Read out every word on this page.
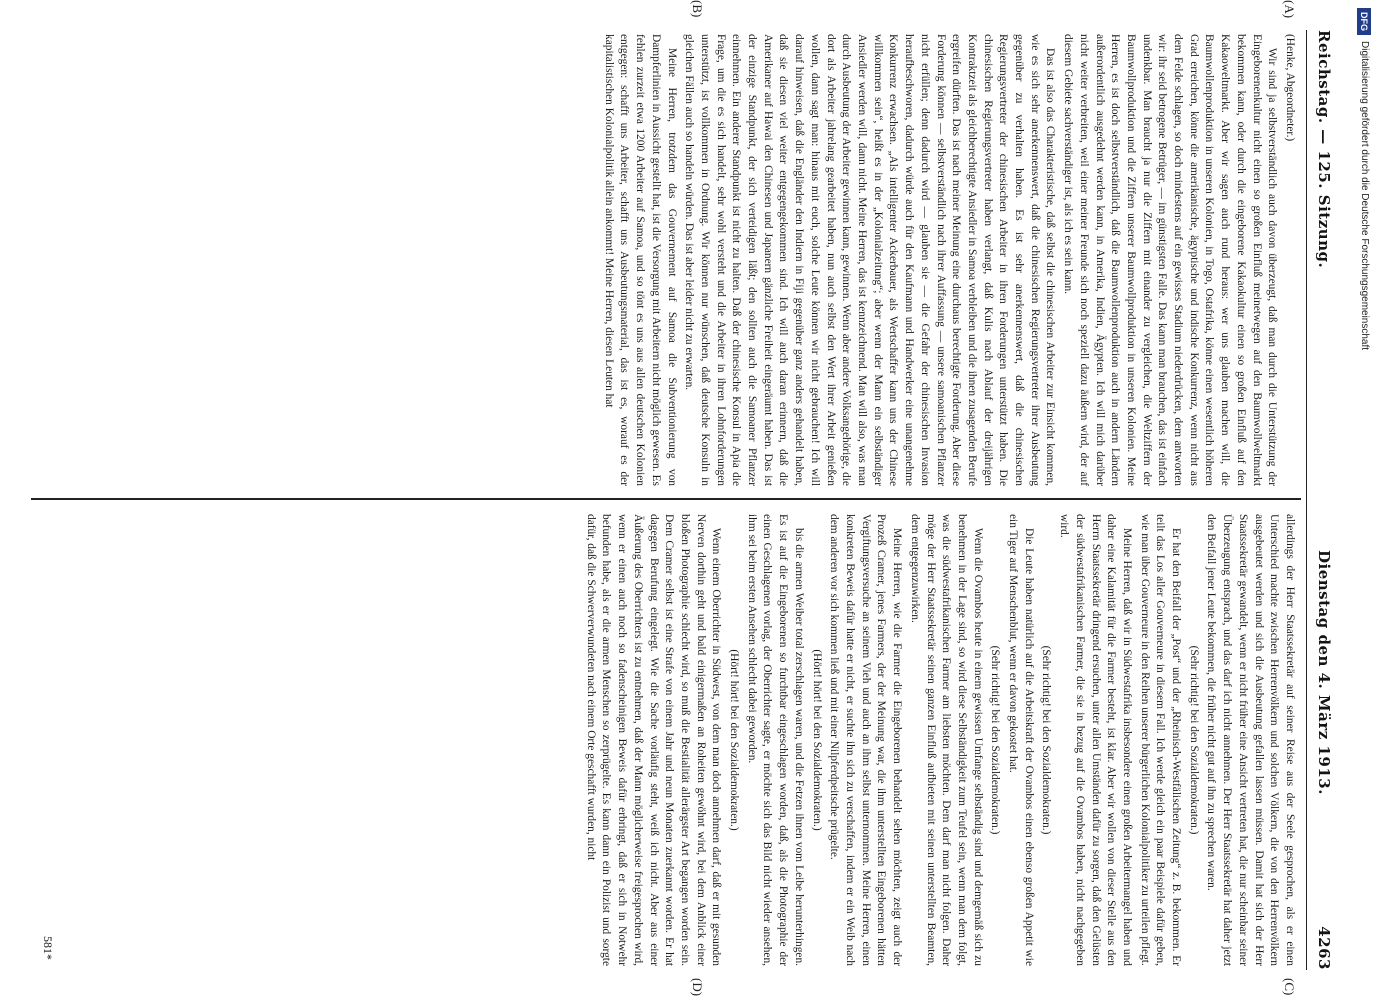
Reichstag. — 125. Sitzung.
Dienstag den 4. März 1913.
4263
(A)
(B)
(C)
(D)

(Henke, Abgeordneter.)

Wir sind ja selbstverständlich auch davon überzeugt, daß man durch die Unterstützung der Eingeborenenkultur nicht einen so großen Einfluß meinetwegen auf den Baumwollweltmarkt bekommen kann, oder durch die eingeborene Kakaokultur einen so großen Einfluß auf den Kakaoweltmarkt. Aber wir sagen auch rund heraus: wer uns glauben machen will, die Baumwollenproduktion in unseren Kolonien, in Togo, Ostafrika, könne einen wesentlich höheren Grad erreichen, könne die amerikanische, ägyptische und indische Konkurrenz, wenn nicht aus dem Felde schlagen, so doch mindestens auf ein gewisses Stadium niederdrücken, dem antworten wir: ihr seid betrogene Betrüger, — im günstigsten Falle. Das kann man brauchen, das ist einfach undenkbar. Man braucht ja nur die Ziffern mit einander zu vergleichen, die Weltziffern der Baumwollproduktion und die Ziffern unserer Baumwollproduktion in unseren Kolonien. Meine Herren, es ist doch selbstverständlich, daß die Baumwollenproduktion auch in andern Ländern außerordentlich ausgedehnt werden kann, in Amerika, Indien, Ägypten. Ich will mich darüber nicht weiter verbreiten, weil einer meiner Freunde sich noch speziell dazu äußern wird, der auf diesem Gebiete sachverständiger ist, als ich es sein kann.

Das ist also das Charakteristische, daß selbst die chinesischen Arbeiter zur Einsicht kommen, wie es sich sehr anerkennenswert, daß die chinesischen Regierungsvertreter ihrer Ausbeutung gegenüber zu verhalten haben. Es ist sehr anerkennenswert, daß die chinesischen Regierungsvertreter der chinesischen Arbeiter in ihren Forderungen unterstützt haben. Die chinesischen Regierungsvertreter haben verlangt, daß Kulis nach Ablauf der dreijährigen Kontraktzeit als gleichberechtigte Ansiedler in Samoa verbleiben und die ihnen zusagenden Berufe ergreifen dürften. Das ist nach meiner Meinung eine durchaus berechtigte Forderung. Aber diese Forderung können — selbstverständlich nach ihrer Auffassung — unsere samoanischen Pflanzer nicht erfüllen; denn dadurch wird — glauben sie — die Gefahr der chinesischen Invasion heraufbeschworen, dadurch würde auch für den Kaufmann und Handwerker eine unangenehme Konkurrenz erwachsen. „Als intelligenter Ackerbauer, als Wertschaffer kann uns der Chinese willkommen sein“, heißt es in der „Kolonialzeitung“; aber wenn der Mann ein selbständiger Ansiedler werden will, dann nicht. Meine Herren, das ist kennzeichnend. Man will also, was man durch Ausbeutung der Arbeiter gewinnen kann, gewinnen. Wenn aber andere Volksangehörige, die dort als Arbeiter jahrelang gearbeitet haben, nun auch selbst den Wert ihrer Arbeit genießen wollen, dann sagt man: hinaus mit euch, solche Leute können wir nicht gebrauchen! Ich will darauf hinweisen, daß die Engländer den Indiern in Fiji gegenüber ganz anders gehandelt haben, daß sie diesen viel weiter entgegengekommen sind. Ich will auch daran erinnern, daß die Amerikaner auf Hawai den Chinesen und Japanern gänzliche Freiheit eingeräumt haben. Das ist der einzige Standpunkt, der sich verteidigen läßt; den sollten auch die Samoaner Pflanzer einnehmen. Ein anderer Standpunkt ist nicht zu halten. Daß der chinesische Konsul in Apia die Frage, um die es sich handelt, sehr wohl versteht und die Arbeiter in ihren Lohnforderungen unterstützt, ist vollkommen in Ordnung. Wir können nur wünschen, daß deutsche Konsuln in gleichen Fällen auch so handeln würden. Das ist aber leider nicht zu erwarten.

Meine Herren, trotzdem das Gouvernement auf Samoa die Subventionierung von Dampferlinien in Aussicht gestellt hat, ist die Versorgung mit Arbeitern nicht möglich gewesen. Es fehlen zurzeit etwa 1200 Arbeiter auf Samoa, und so tönt es uns aus allen deutschen Kolonien entgegen: schafft uns Arbeiter, schafft uns Ausbeutungsmaterial, das ist es, worauf es der kapitalistischen Kolonialpolitik allein ankommt! Meine Herren, diesen Leuten hat

allerdings der Herr Staatssekretär auf seiner Reise aus der Seele gesprochen, als er einen Unterschied machte zwischen Herrenvölkern und solchen Völkern, die von den Herrenvölkern ausgebeutet werden und sich die Ausbeutung gefallen lassen müssen. Damit hat sich der Herr Staatssekretär gewandelt, wenn er nicht früher eine Ansicht vertreten hat, die nur scheinbar seiner Überzeugung entsprach, und das darf ich nicht annehmen. Der Herr Staatssekretär hat daher jetzt den Beifall jener Leute bekommen, die früher nicht gut auf ihn zu sprechen waren.

(Sehr richtig! bei den Sozialdemokraten.)

Er hat den Beifall der „Post“ und der „Rheinisch-Westfälischen Zeitung“ z. B. bekommen. Er teilt das Los aller Gouverneure in diesem Fall. Ich werde gleich ein paar Beispiele dafür geben, wie man über Gouverneure in den Reihen unserer bürgerlichen Kolonialpolitiker zu urteilen pflegt.

Meine Herren, daß wir in Südwestafrika insbesondere einen großen Arbeitermangel haben und daher eine Kalamität für die Farmer besteht, ist klar. Aber wir wollen von dieser Stelle aus den Herrn Staatssekretär dringend ersuchen, unter allen Umständen dafür zu sorgen, daß den Gelüsten der südwestafrikanischen Farmer, die sie in bezug auf die Ovambos haben, nicht nachgegeben wird.

(Sehr richtig! bei den Sozialdemokraten.)

Die Leute haben natürlich auf die Arbeitskraft der Ovambos einen ebenso großen Appetit wie ein Tiger auf Menschenblut, wenn er davon gekostet hat.

(Sehr richtig! bei den Sozialdemokraten.)

Wenn die Ovambos heute in einem gewissen Umfange selbständig sind und demgemäß sich zu benehmen in der Lage sind, so wird diese Selbständigkeit zum Teufel sein, wenn man dem folgt, was die südwestafrikanischen Farmer am liebsten möchten. Dem darf man nicht folgen. Daher möge der Herr Staatssekretär seinen ganzen Einfluß aufbieten mit seinen unterstellten Beamten, dem entgegenzuwirken.

Meine Herren, wie die Farmer die Eingeborenen behandelt sehen möchten, zeigt auch der Prozeß Cramer, jenes Farmers, der der Meinung war, die ihm unterstellten Eingeborenen hätten Vergiftungsversuche an seinem Vieh und auch an ihm selbst unternommen. Meine Herren, einen konkreten Beweis dafür hatte er nicht, er suchte ihn sich zu verschaffen, indem er ein Weib nach dem anderen vor sich kommen ließ und mit einer Nilpferdpeitsche prügelte.

(Hört! hört! bei den Sozialdemokraten.)

bis die armen Weiber total zerschlagen waren, und die Fetzen ihnen vom Leibe herunterhingen. Es ist auf die Eingeborenen so furchtbar eingeschlagen worden, daß, als die Photographie der einen Geschlagenen vorlag, der Oberrichter sagte, er möchte sich das Bild nicht wieder ansehen, ihm sei beim ersten Ansehen schlecht dabei geworden.

(Hört! hört! bei den Sozialdemokraten.)

Wenn einem Oberrichter in Südwest, von dem man doch annehmen darf, daß er mit gesunden Nerven dorthin geht und bald einigermaßen an Roheiten gewöhnt wird, bei dem Anblick einer bloßen Photographie schlecht wird, so muß die Bestialität allerärgster Art begangen worden sein. Dem Cramer selbst ist eine Strafe von einem Jahr und neun Monaten zuerkannt worden. Er hat dagegen Berufung eingelegt. Wie die Sache vorläufig steht, weiß ich nicht. Aber aus einer Äußerung des Oberrichters ist zu entnehmen, daß der Mann möglicherweise freigesprochen wird, wenn er einen auch noch so fadenscheinigen Beweis dafür erbringt, daß er sich in Notwehr befunden habe, als er die armen Menschen so zerprügelte. Es kann dann ein Polizist und sorgte dafür, daß die Schwerverwundeten nach einem Orte geschafft wurden, nicht

581*
DFG
Digitalisierung gefördert durch die Deutsche Forschungsgemeinschaft
